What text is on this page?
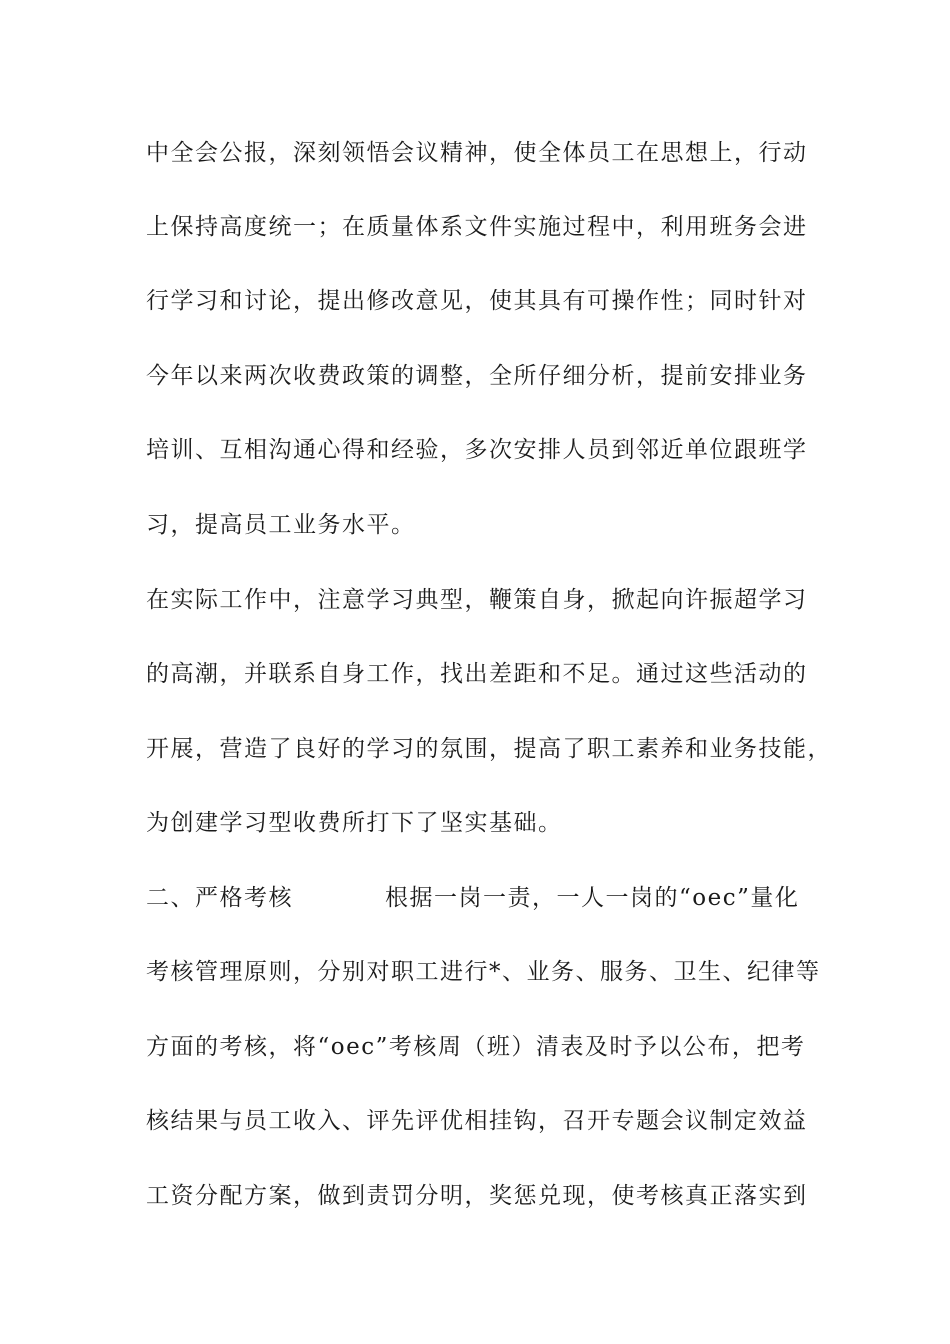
中全会公报，深刻领悟会议精神，使全体员工在思想上，行动
上保持高度统一；在质量体系文件实施过程中，利用班务会进
行学习和讨论，提出修改意见，使其具有可操作性；同时针对
今年以来两次收费政策的调整，全所仔细分析，提前安排业务
培训、互相沟通心得和经验，多次安排人员到邻近单位跟班学
习，提高员工业务水平。
在实际工作中，注意学习典型，鞭策自身，掀起向许振超学习
的高潮，并联系自身工作，找出差距和不足。通过这些活动的
开展，营造了良好的学习的氛围，提高了职工素养和业务技能，
为创建学习型收费所打下了坚实基础。
二、严格考核	根据一岗一责，一人一岗的“oec”量化
考核管理原则，分别对职工进行*、业务、服务、卫生、纪律等
方面的考核，将“oec”考核周（班）清表及时予以公布，把考
核结果与员工收入、评先评优相挂钩，召开专题会议制定效益
工资分配方案，做到责罚分明，奖惩兑现，使考核真正落实到
